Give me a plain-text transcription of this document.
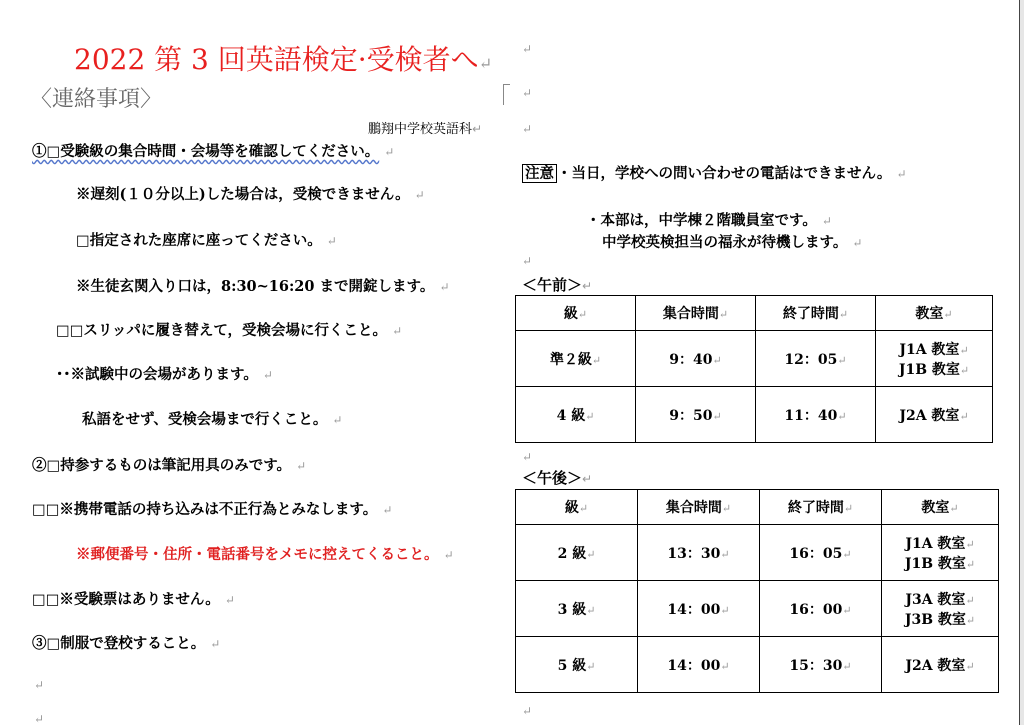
2022 第 3 回英語検定·受検者へ↵
↵
〈連絡事項〉	↵
鵬翔中学校英語科↵	↵
①□受験級の集合時間・会場等を確認してください。 ↵
※遅刻(１０分以上)した場合は，受検できません。 ↵
□指定された座席に座ってください。 ↵
※生徒玄関入り口は，8:30~16:20 まで開錠します。 ↵
□□スリッパに履き替えて，受検会場に行くこと。 ↵
･･※試験中の会場があります。 ↵
私語をせず、受検会場まで行くこと。 ↵
②□持参するものは筆記用具のみです。 ↵
□□※携帯電話の持ち込みは不正行為とみなします。 ↵
※郵便番号・住所・電話番号をメモに控えてくること。 ↵
□□※受験票はありません。 ↵
③□制服で登校すること。 ↵
↵
↵
注意 ・当日，学校への問い合わせの電話はできません。 ↵
・本部は，中学棟２階職員室です。 ↵
中学校英検担当の福永が待機します。 ↵
↵
＜午前＞↵
級↵	集合時間↵	終了時間↵	教室↵
準２級↵	9：40↵	12：05↵	J1A 教室↵
J1B 教室↵
4 級↵	9：50↵	11：40↵	J2A 教室↵
↵
＜午後＞↵
級↵	集合時間↵	終了時間↵	教室↵
2 級↵	13：30↵	16：05↵	J1A 教室↵
J1B 教室↵
3 級↵	14：00↵	16：00↵	J3A 教室↵
J3B 教室↵
5 級↵	14：00↵	15：30↵	J2A 教室↵
↵
